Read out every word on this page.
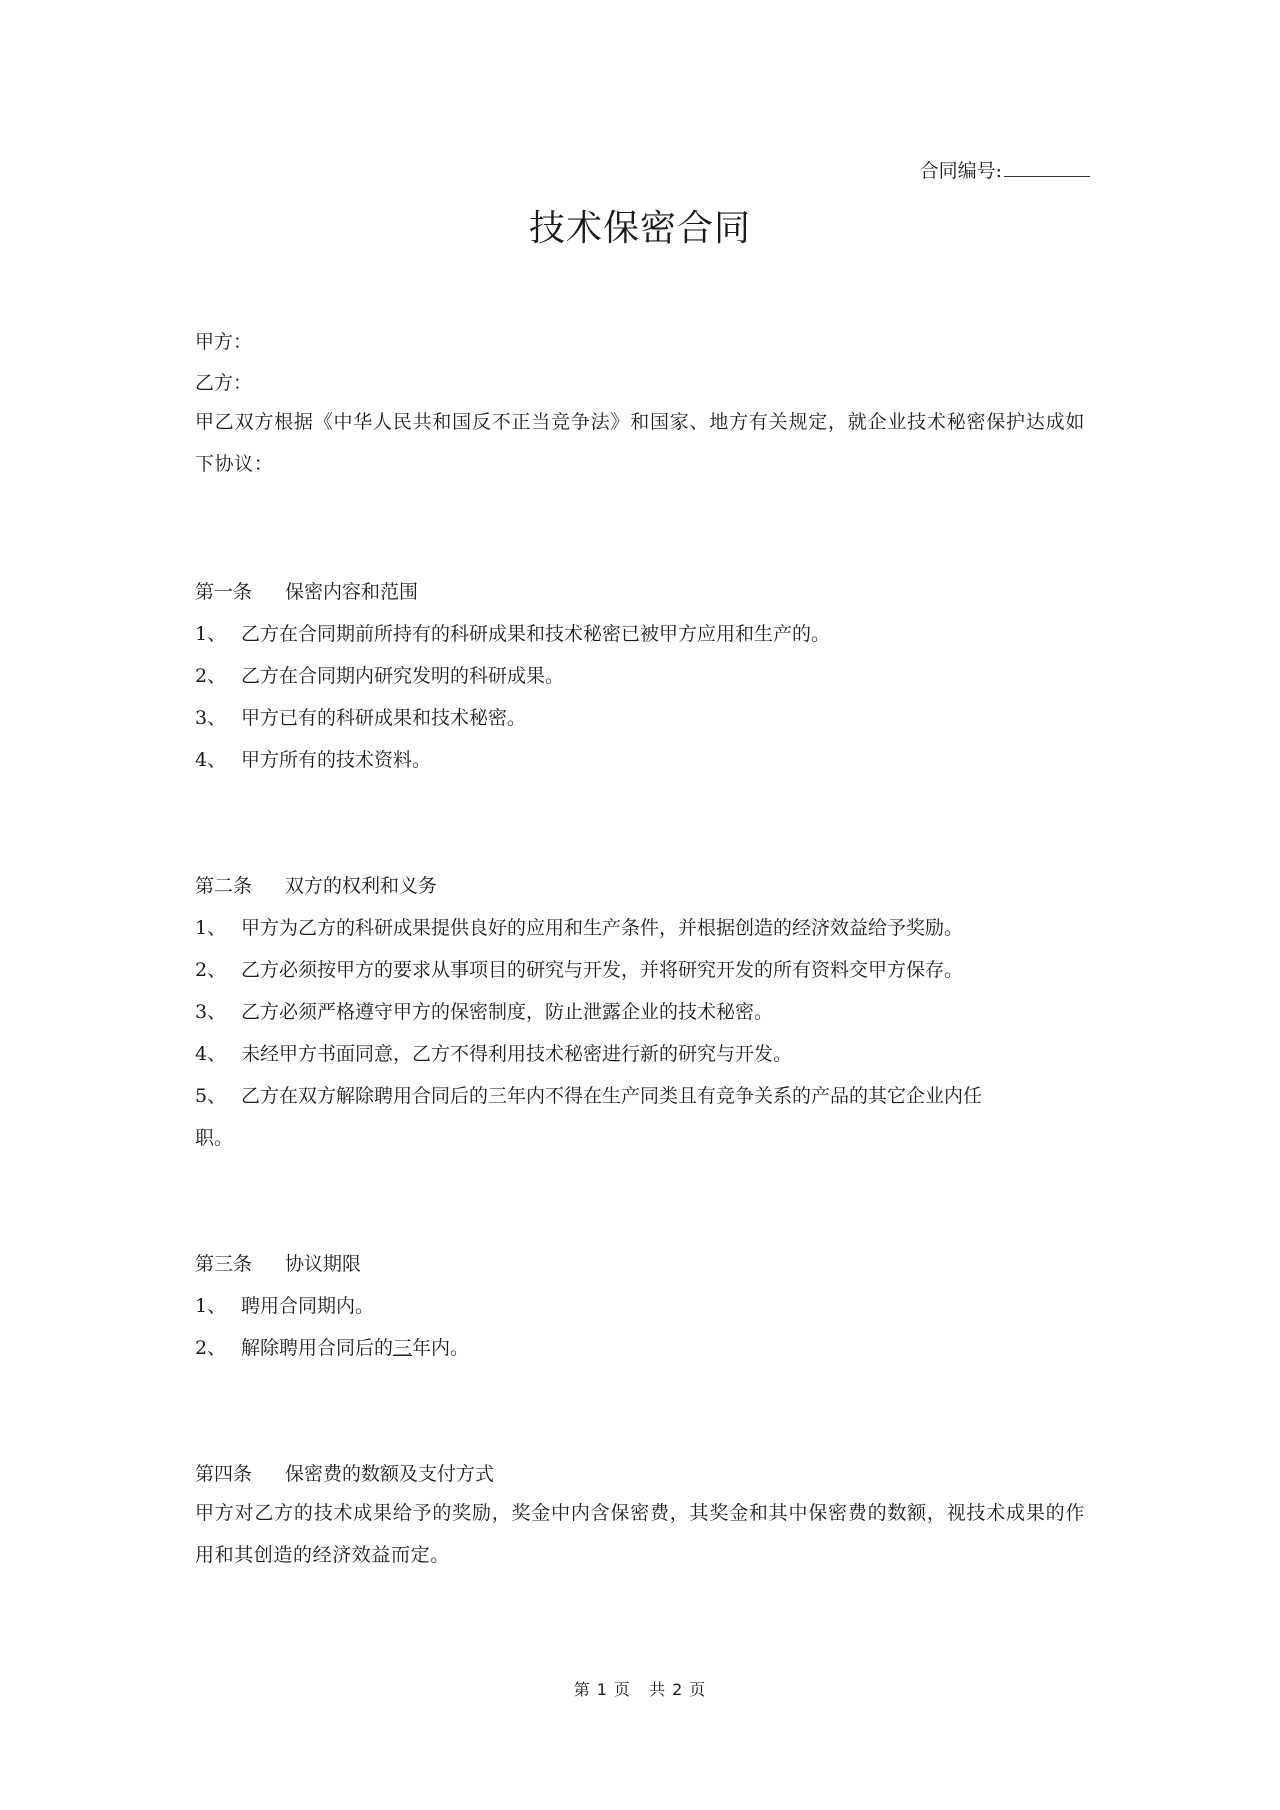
合同编号:
技术保密合同
甲方：
乙方：
甲乙双方根据《中华人民共和国反不正当竞争法》和国家、地方有关规定，就企业技术秘密保护达成如下协议：
第一条 保密内容和范围
1、 乙方在合同期前所持有的科研成果和技术秘密已被甲方应用和生产的。
2、 乙方在合同期内研究发明的科研成果。
3、 甲方已有的科研成果和技术秘密。
4、 甲方所有的技术资料。
第二条 双方的权利和义务
1、 甲方为乙方的科研成果提供良好的应用和生产条件，并根据创造的经济效益给予奖励。
2、 乙方必须按甲方的要求从事项目的研究与开发，并将研究开发的所有资料交甲方保存。
3、 乙方必须严格遵守甲方的保密制度，防止泄露企业的技术秘密。
4、 未经甲方书面同意，乙方不得利用技术秘密进行新的研究与开发。
5、 乙方在双方解除聘用合同后的三年内不得在生产同类且有竞争关系的产品的其它企业内任
职。
第三条 协议期限
1、 聘用合同期内。
2、 解除聘用合同后的三年内。
第四条 保密费的数额及支付方式
甲方对乙方的技术成果给予的奖励，奖金中内含保密费，其奖金和其中保密费的数额，视技术成果的作用和其创造的经济效益而定。
第 1 页 共 2 页
